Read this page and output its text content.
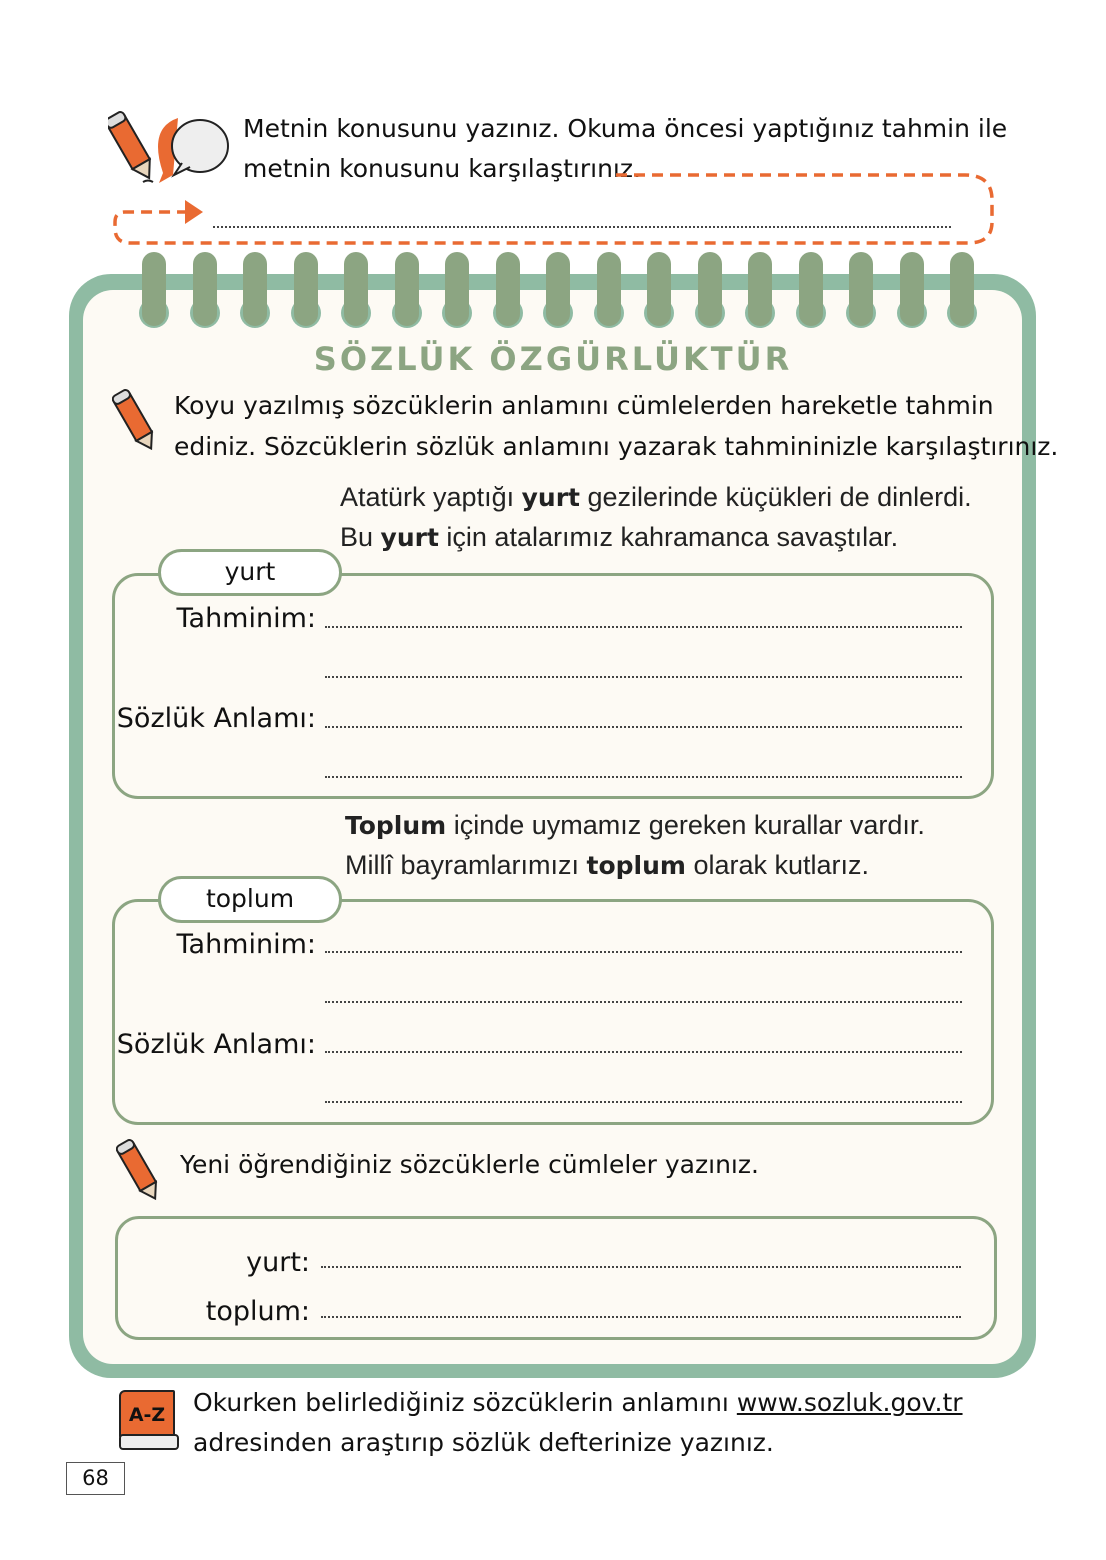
Metnin konusunu yazınız. Okuma öncesi yaptığınız tahmin ile
metnin konusunu karşılaştırınız.
SÖZLÜK ÖZGÜRLÜKTÜR
Koyu yazılmış sözcüklerin anlamını cümlelerden hareketle tahmin
ediniz. Sözcüklerin sözlük anlamını yazarak tahmininizle karşılaştırınız.
Atatürk yaptığı yurt gezilerinde küçükleri de dinlerdi.
Bu yurt için atalarımız kahramanca savaştılar.
yurt
Tahminim:
Sözlük Anlamı:
Toplum içinde uymamız gereken kurallar vardır.
Millî bayramlarımızı toplum olarak kutlarız.
toplum
Tahminim:
Sözlük Anlamı:
Yeni öğrendiğiniz sözcüklerle cümleler yazınız.
yurt:
toplum:
A-Z	Okurken belirlediğiniz sözcüklerin anlamını www.sozluk.gov.tr
adresinden araştırıp sözlük defterinize yazınız.
68
